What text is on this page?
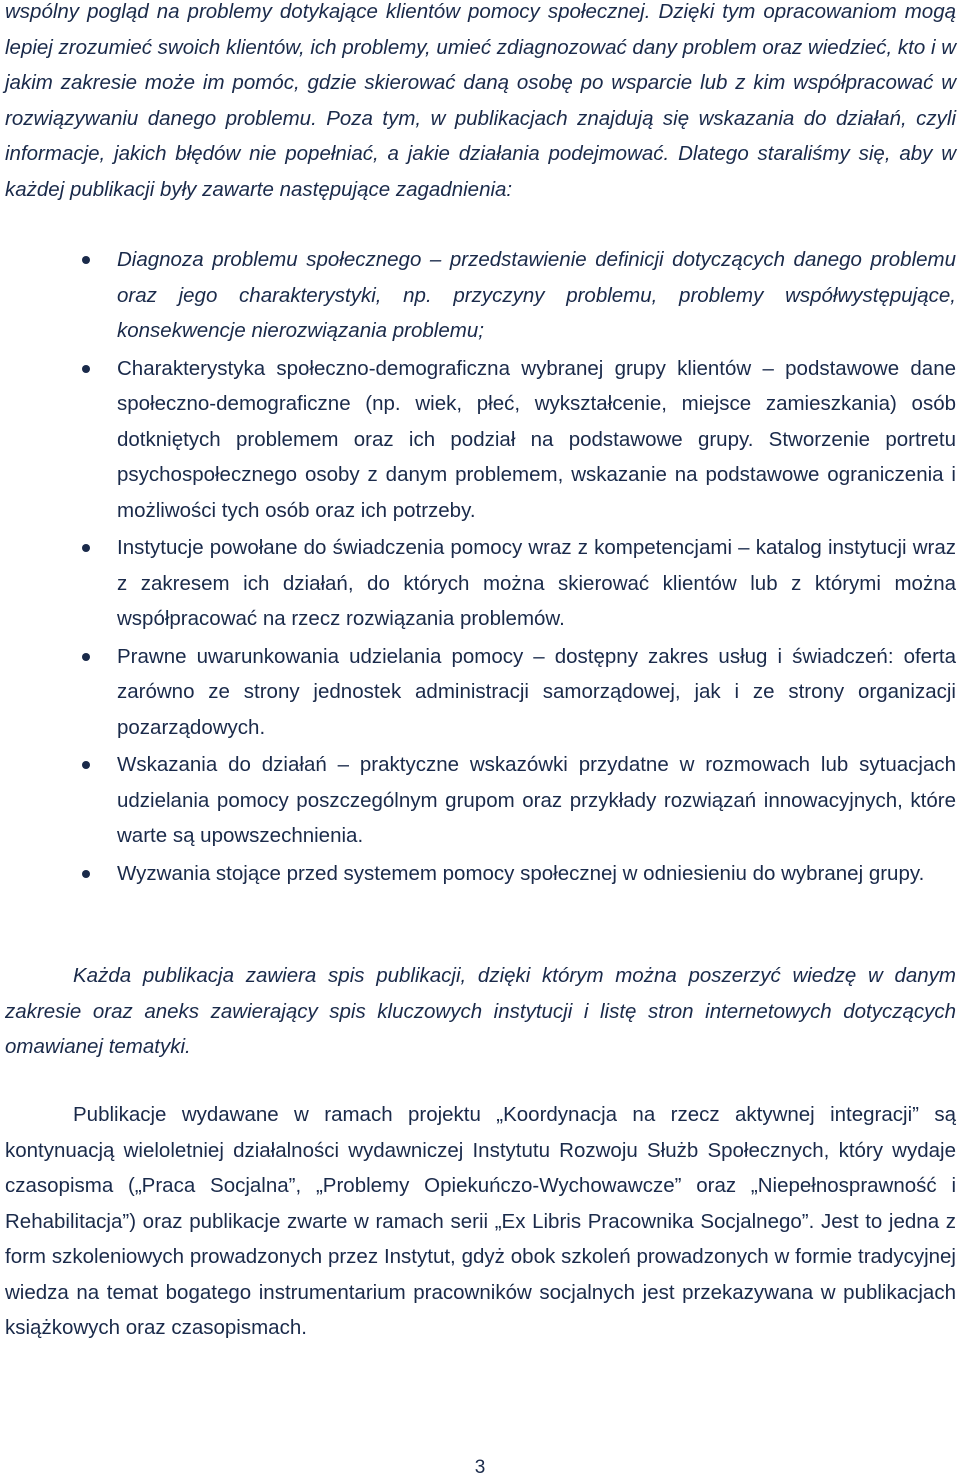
wspólny pogląd na problemy dotykające klientów pomocy społecznej. Dzięki tym opracowaniom mogą lepiej zrozumieć swoich klientów, ich problemy, umieć zdiagnozować dany problem oraz wiedzieć, kto i w jakim zakresie może im pomóc, gdzie skierować daną osobę po wsparcie lub z kim współpracować w rozwiązywaniu danego problemu. Poza tym, w publikacjach znajdują się wskazania do działań, czyli informacje, jakich błędów nie popełniać, a jakie działania podejmować. Dlatego staraliśmy się, aby w każdej publikacji były zawarte następujące zagadnienia:

Diagnoza problemu społecznego – przedstawienie definicji dotyczących danego problemu oraz jego charakterystyki, np. przyczyny problemu, problemy współwystępujące, konsekwencje nierozwiązania problemu;
Charakterystyka społeczno-demograficzna wybranej grupy klientów – podstawowe dane społeczno-demograficzne (np. wiek, płeć, wykształcenie, miejsce zamieszkania) osób dotkniętych problemem oraz ich podział na podstawowe grupy. Stworzenie portretu psychospołecznego osoby z danym problemem, wskazanie na podstawowe ograniczenia i możliwości tych osób oraz ich potrzeby.
Instytucje powołane do świadczenia pomocy wraz z kompetencjami – katalog instytucji wraz z zakresem ich działań, do których można skierować klientów lub z którymi można współpracować na rzecz rozwiązania problemów.
Prawne uwarunkowania udzielania pomocy – dostępny zakres usług i świadczeń: oferta zarówno ze strony jednostek administracji samorządowej, jak i ze strony organizacji pozarządowych.
Wskazania do działań – praktyczne wskazówki przydatne w rozmowach lub sytuacjach udzielania pomocy poszczególnym grupom oraz przykłady rozwiązań innowacyjnych, które warte są upowszechnienia.
Wyzwania stojące przed systemem pomocy społecznej w odniesieniu do wybranej grupy.

Każda publikacja zawiera spis publikacji, dzięki którym można poszerzyć wiedzę w danym zakresie oraz aneks zawierający spis kluczowych instytucji i listę stron internetowych dotyczących omawianej tematyki.

Publikacje wydawane w ramach projektu „Koordynacja na rzecz aktywnej integracji” są kontynuacją wieloletniej działalności wydawniczej Instytutu Rozwoju Służb Społecznych, który wydaje czasopisma („Praca Socjalna”, „Problemy Opiekuńczo-Wychowawcze” oraz „Niepełnosprawność i Rehabilitacja”) oraz publikacje zwarte w ramach serii „Ex Libris Pracownika Socjalnego”. Jest to jedna z form szkoleniowych prowadzonych przez Instytut, gdyż obok szkoleń prowadzonych w formie tradycyjnej wiedza na temat bogatego instrumentarium pracowników socjalnych jest przekazywana w publikacjach książkowych oraz czasopismach.

3
